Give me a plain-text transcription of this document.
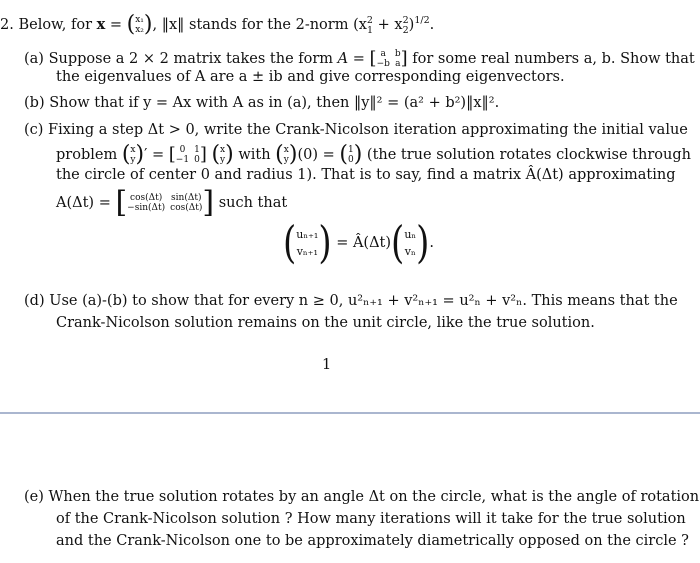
2. Below, for x = ( x₁
x₂ ), ‖x‖ stands for the 2-norm $(x^2_1 + x^2_2)^{1/2}$.
(a) Suppose a 2 × 2 matrix takes the form A = [ a b
−b a ] for some real numbers a, b. Show that
the eigenvalues of A are a ± ib and give corresponding eigenvectors.
(b) Show that if y = Ax with A as in (a), then ‖y‖² = (a² + b²)‖x‖².
(c) Fixing a step Δt > 0, write the Crank-Nicolson iteration approximating the initial value
problem ( x
y )′ = [ 0 1
−1 0 ] ( x
y ) with ( x
y )(0) = ( 1
0 ) (the true solution rotates clockwise through
the circle of center 0 and radius 1). That is to say, find a matrix Â(Δt) approximating
A(Δt) = [ cos(Δt) sin(Δt)
−sin(Δt) cos(Δt) ] such that
( uₙ₊₁
vₙ₊₁ ) = Â(Δt)( uₙ
vₙ ).
(d) Use (a)-(b) to show that for every n ≥ 0, u²ₙ₊₁ + v²ₙ₊₁ = u²ₙ + v²ₙ. This means that the
Crank-Nicolson solution remains on the unit circle, like the true solution.
1
(e) When the true solution rotates by an angle Δt on the circle, what is the angle of rotation
of the Crank-Nicolson solution ? How many iterations will it take for the true solution
and the Crank-Nicolson one to be approximately diametrically opposed on the circle ?
